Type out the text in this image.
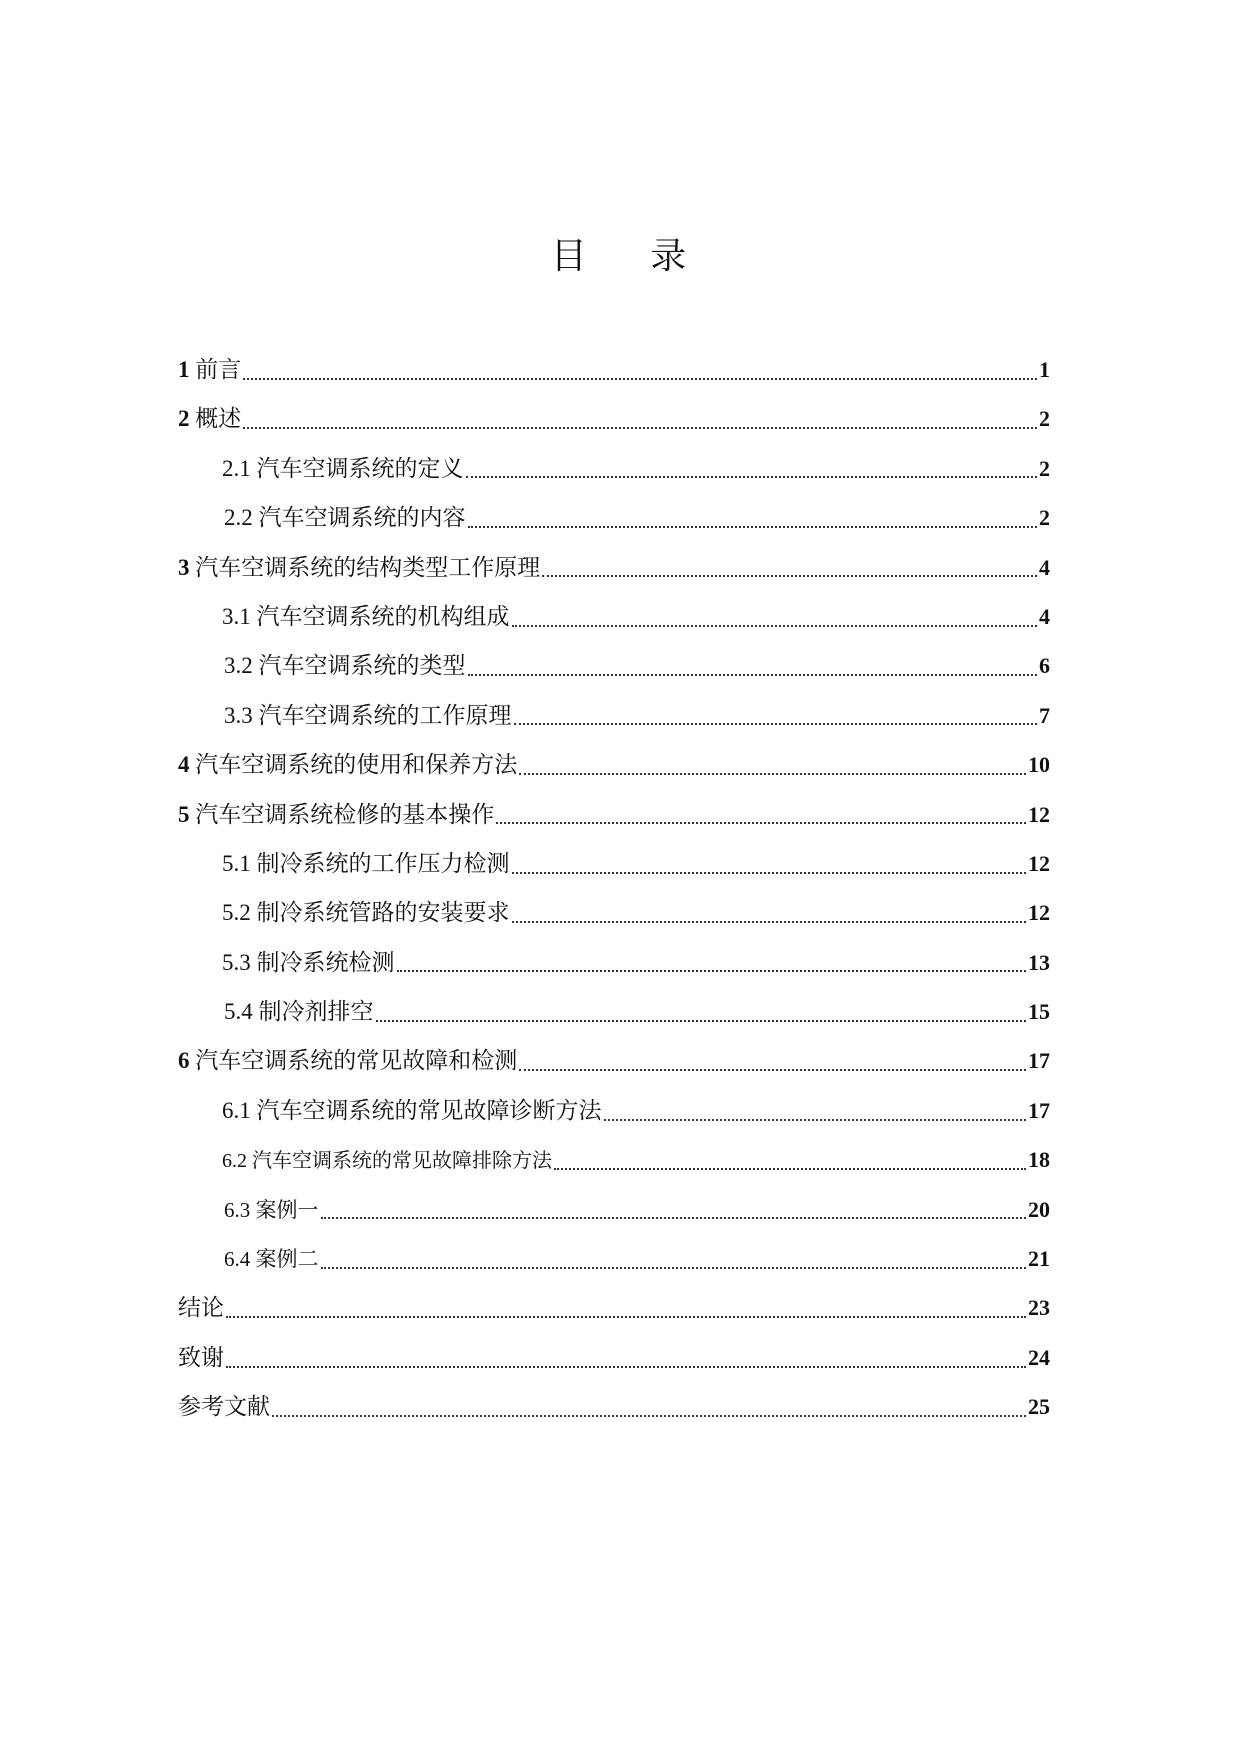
目 录
1 前言	1
2 概述	2
2.1 汽车空调系统的定义	2
2.2 汽车空调系统的内容	2
3 汽车空调系统的结构类型工作原理	4
3.1 汽车空调系统的机构组成	4
3.2 汽车空调系统的类型	6
3.3 汽车空调系统的工作原理	7
4 汽车空调系统的使用和保养方法	10
5 汽车空调系统检修的基本操作	12
5.1 制冷系统的工作压力检测	12
5.2 制冷系统管路的安装要求	12
5.3 制冷系统检测	13
5.4 制冷剂排空	15
6 汽车空调系统的常见故障和检测	17
6.1 汽车空调系统的常见故障诊断方法	17
6.2 汽车空调系统的常见故障排除方法	18
6.3 案例一	20
6.4 案例二	21
结论	23
致谢	24
参考文献	25
